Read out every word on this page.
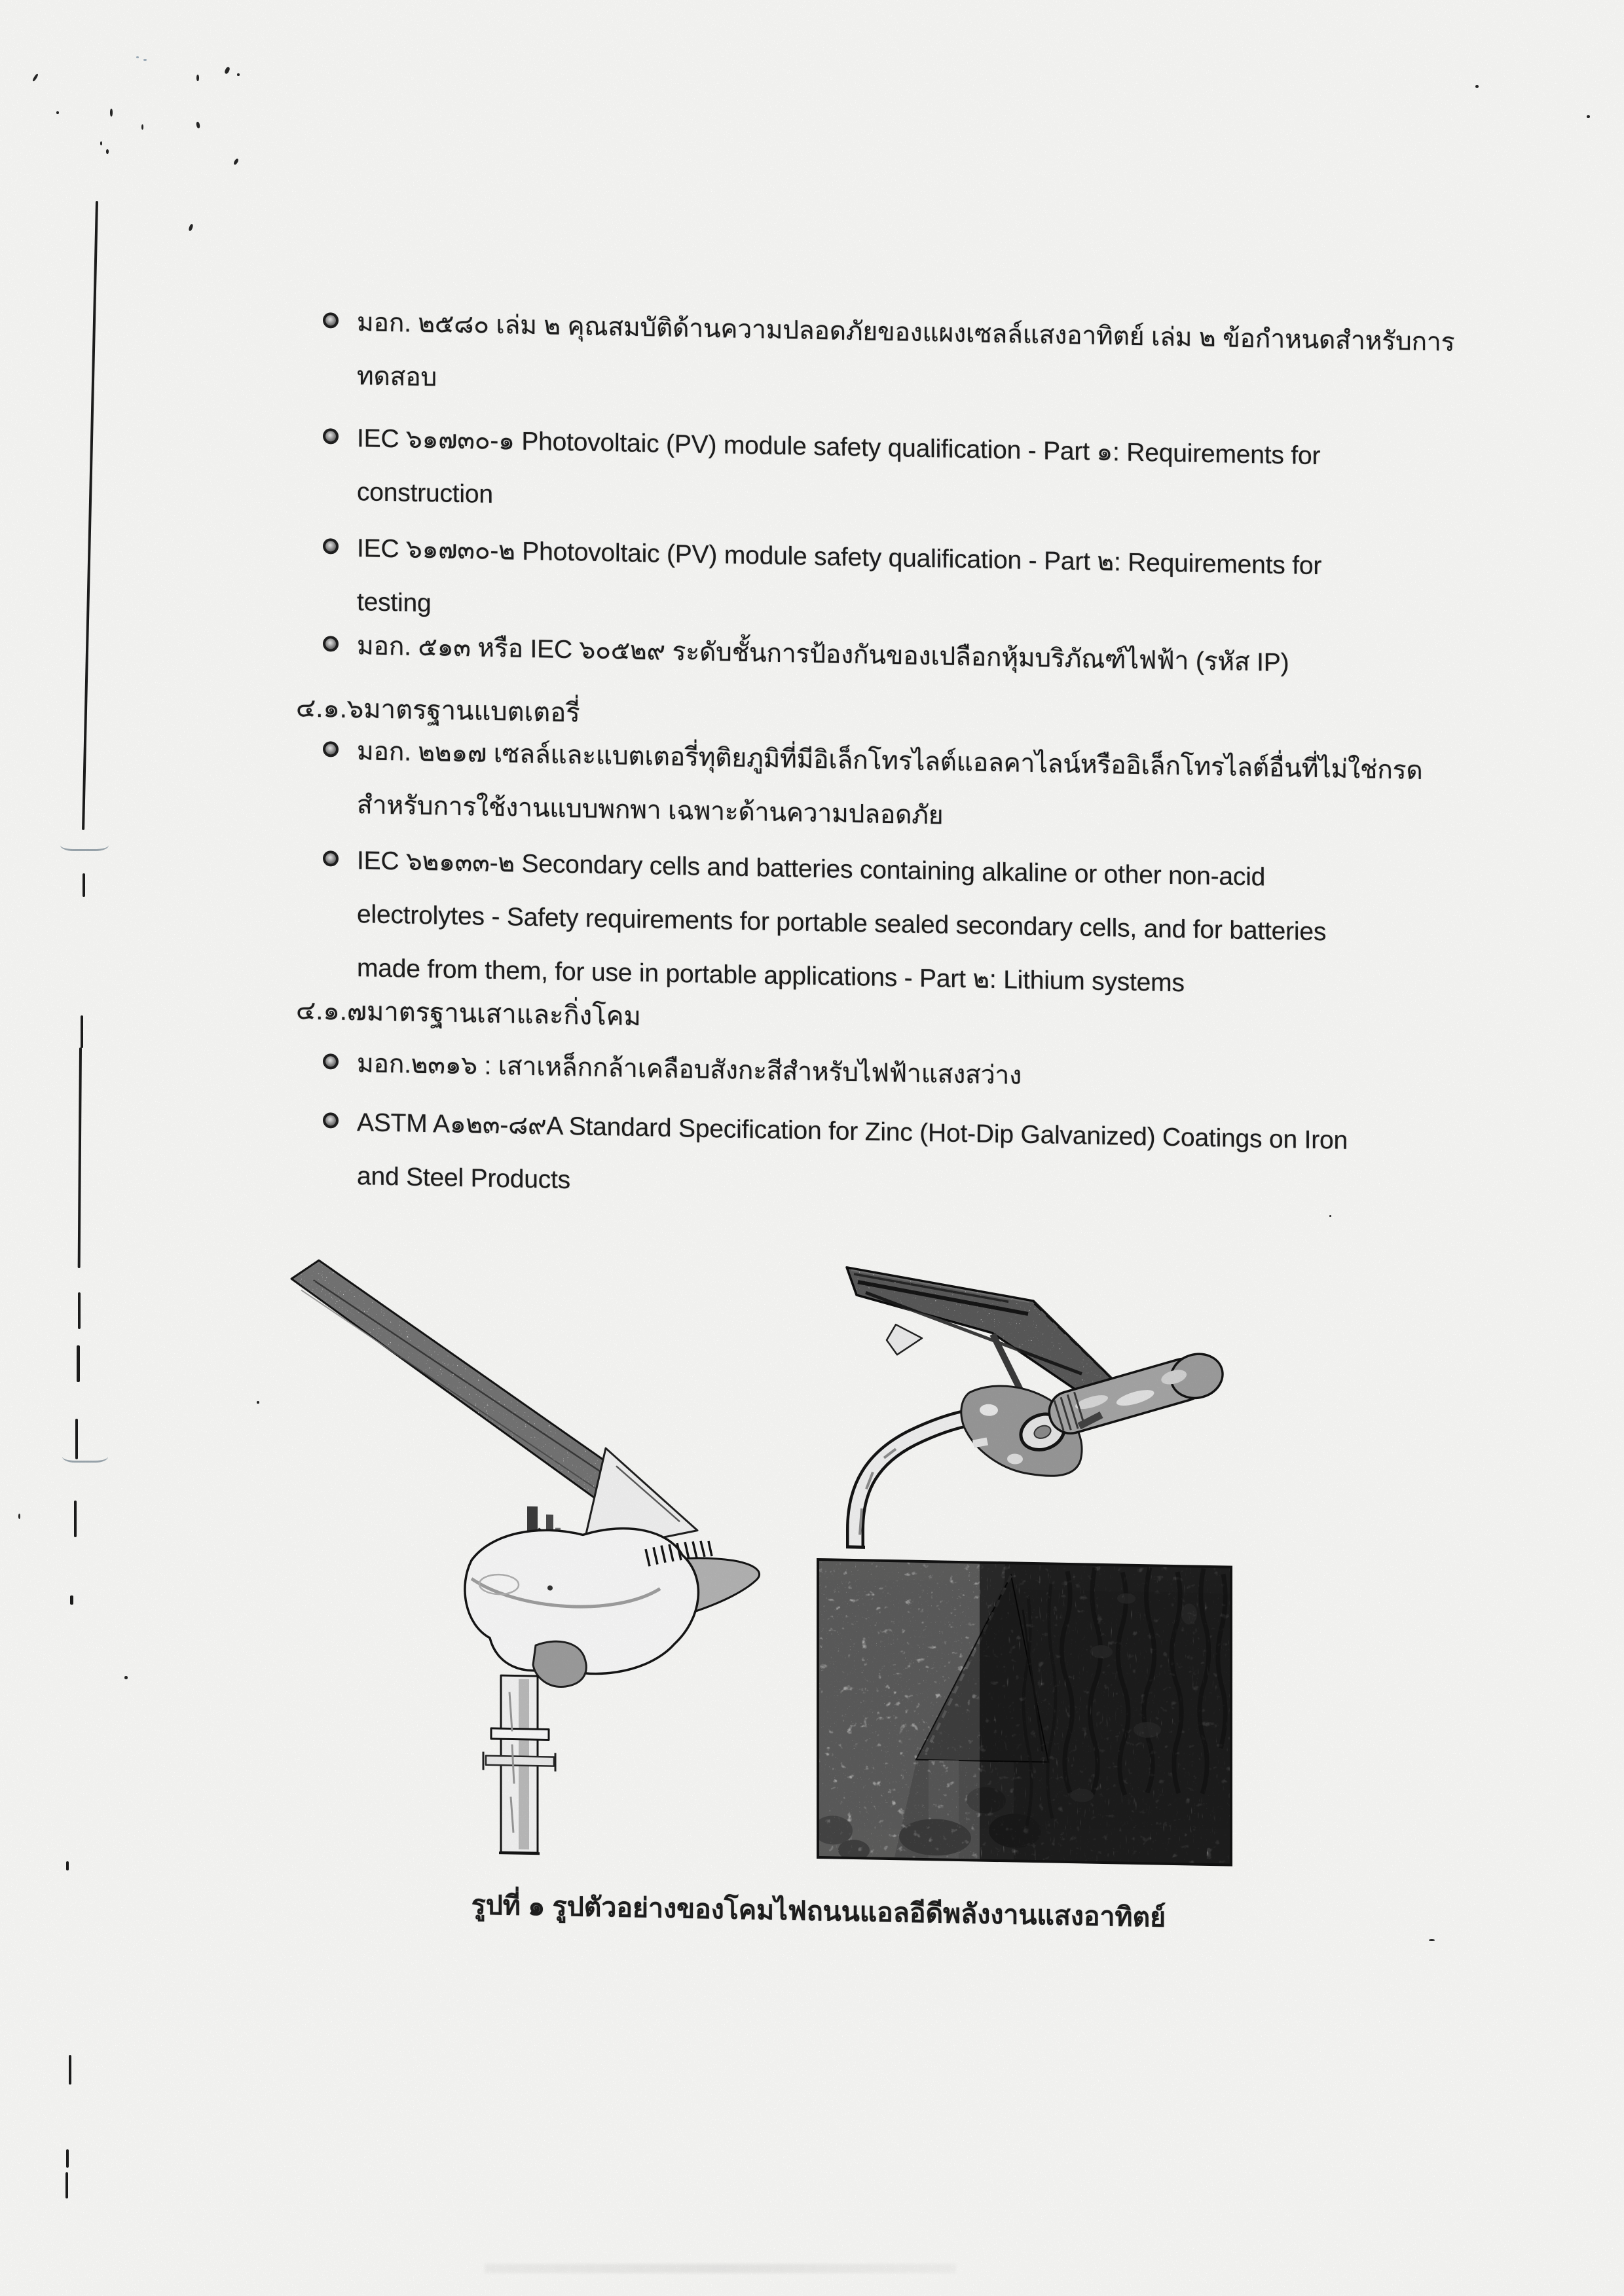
มอก. ๒๕๘๐ เล่ม ๒ คุณสมบัติด้านความปลอดภัยของแผงเซลล์แสงอาทิตย์ เล่ม ๒ ข้อกำหนดสำหรับการ
ทดสอบ
IEC ๖๑๗๓๐-๑ Photovoltaic (PV) module safety qualification - Part ๑: Requirements for
construction
IEC ๖๑๗๓๐-๒ Photovoltaic (PV) module safety qualification - Part ๒: Requirements for
testing
มอก. ๕๑๓ หรือ IEC ๖๐๕๒๙ ระดับชั้นการป้องกันของเปลือกหุ้มบริภัณฑ์ไฟฟ้า (รหัส IP)
๔.๑.๖มาตรฐานแบตเตอรี่
มอก. ๒๒๑๗ เซลล์และแบตเตอรี่ทุติยภูมิที่มีอิเล็กโทรไลต์แอลคาไลน์หรืออิเล็กโทรไลต์อื่นที่ไม่ใช่กรด
สำหรับการใช้งานแบบพกพา เฉพาะด้านความปลอดภัย
IEC ๖๒๑๓๓-๒ Secondary cells and batteries containing alkaline or other non-acid
electrolytes - Safety requirements for portable sealed secondary cells, and for batteries
made from them, for use in portable applications - Part ๒: Lithium systems
๔.๑.๗มาตรฐานเสาและกิ่งโคม
มอก.๒๓๑๖ : เสาเหล็กกล้าเคลือบสังกะสีสำหรับไฟฟ้าแสงสว่าง
ASTM A๑๒๓-๘๙A Standard Specification for Zinc (Hot-Dip Galvanized) Coatings on Iron
and Steel Products
รูปที่ ๑ รูปตัวอย่างของโคมไฟถนนแอลอีดีพลังงานแสงอาทิตย์
